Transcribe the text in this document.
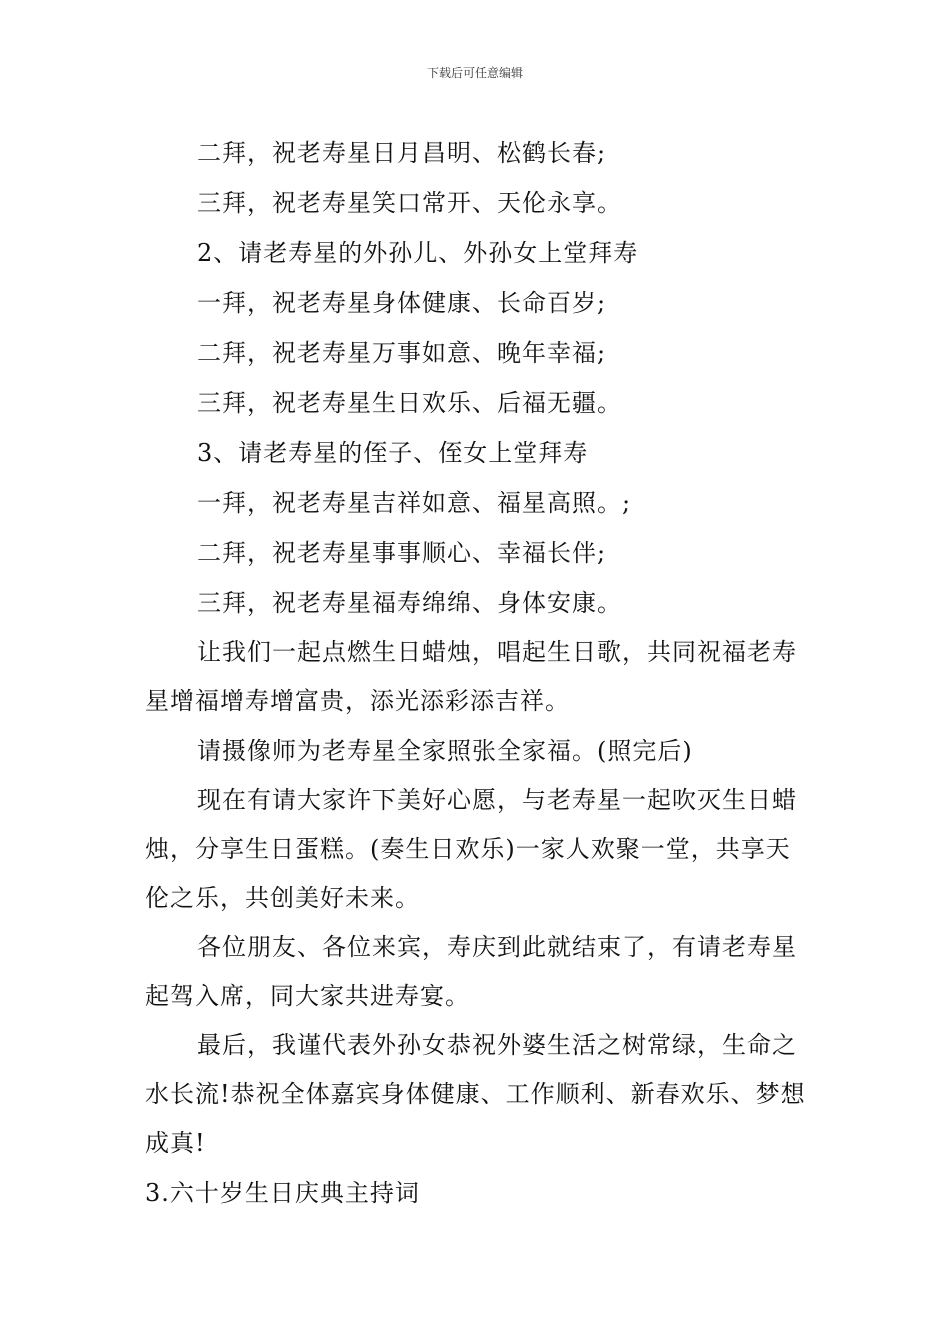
下载后可任意编辑

二拜，祝老寿星日月昌明、松鹤长春;

三拜，祝老寿星笑口常开、天伦永享。

2、请老寿星的外孙儿、外孙女上堂拜寿

一拜，祝老寿星身体健康、长命百岁;

二拜，祝老寿星万事如意、晚年幸福;

三拜，祝老寿星生日欢乐、后福无疆。

3、请老寿星的侄子、侄女上堂拜寿

一拜，祝老寿星吉祥如意、福星高照。;

二拜，祝老寿星事事顺心、幸福长伴;

三拜，祝老寿星福寿绵绵、身体安康。

让我们一起点燃生日蜡烛，唱起生日歌，共同祝福老寿星增福增寿增富贵，添光添彩添吉祥。

请摄像师为老寿星全家照张全家福。(照完后)

现在有请大家许下美好心愿，与老寿星一起吹灭生日蜡烛，分享生日蛋糕。(奏生日欢乐)一家人欢聚一堂，共享天伦之乐，共创美好未来。

各位朋友、各位来宾，寿庆到此就结束了，有请老寿星起驾入席，同大家共进寿宴。

最后，我谨代表外孙女恭祝外婆生活之树常绿，生命之水长流!恭祝全体嘉宾身体健康、工作顺利、新春欢乐、梦想成真!

3.六十岁生日庆典主持词
